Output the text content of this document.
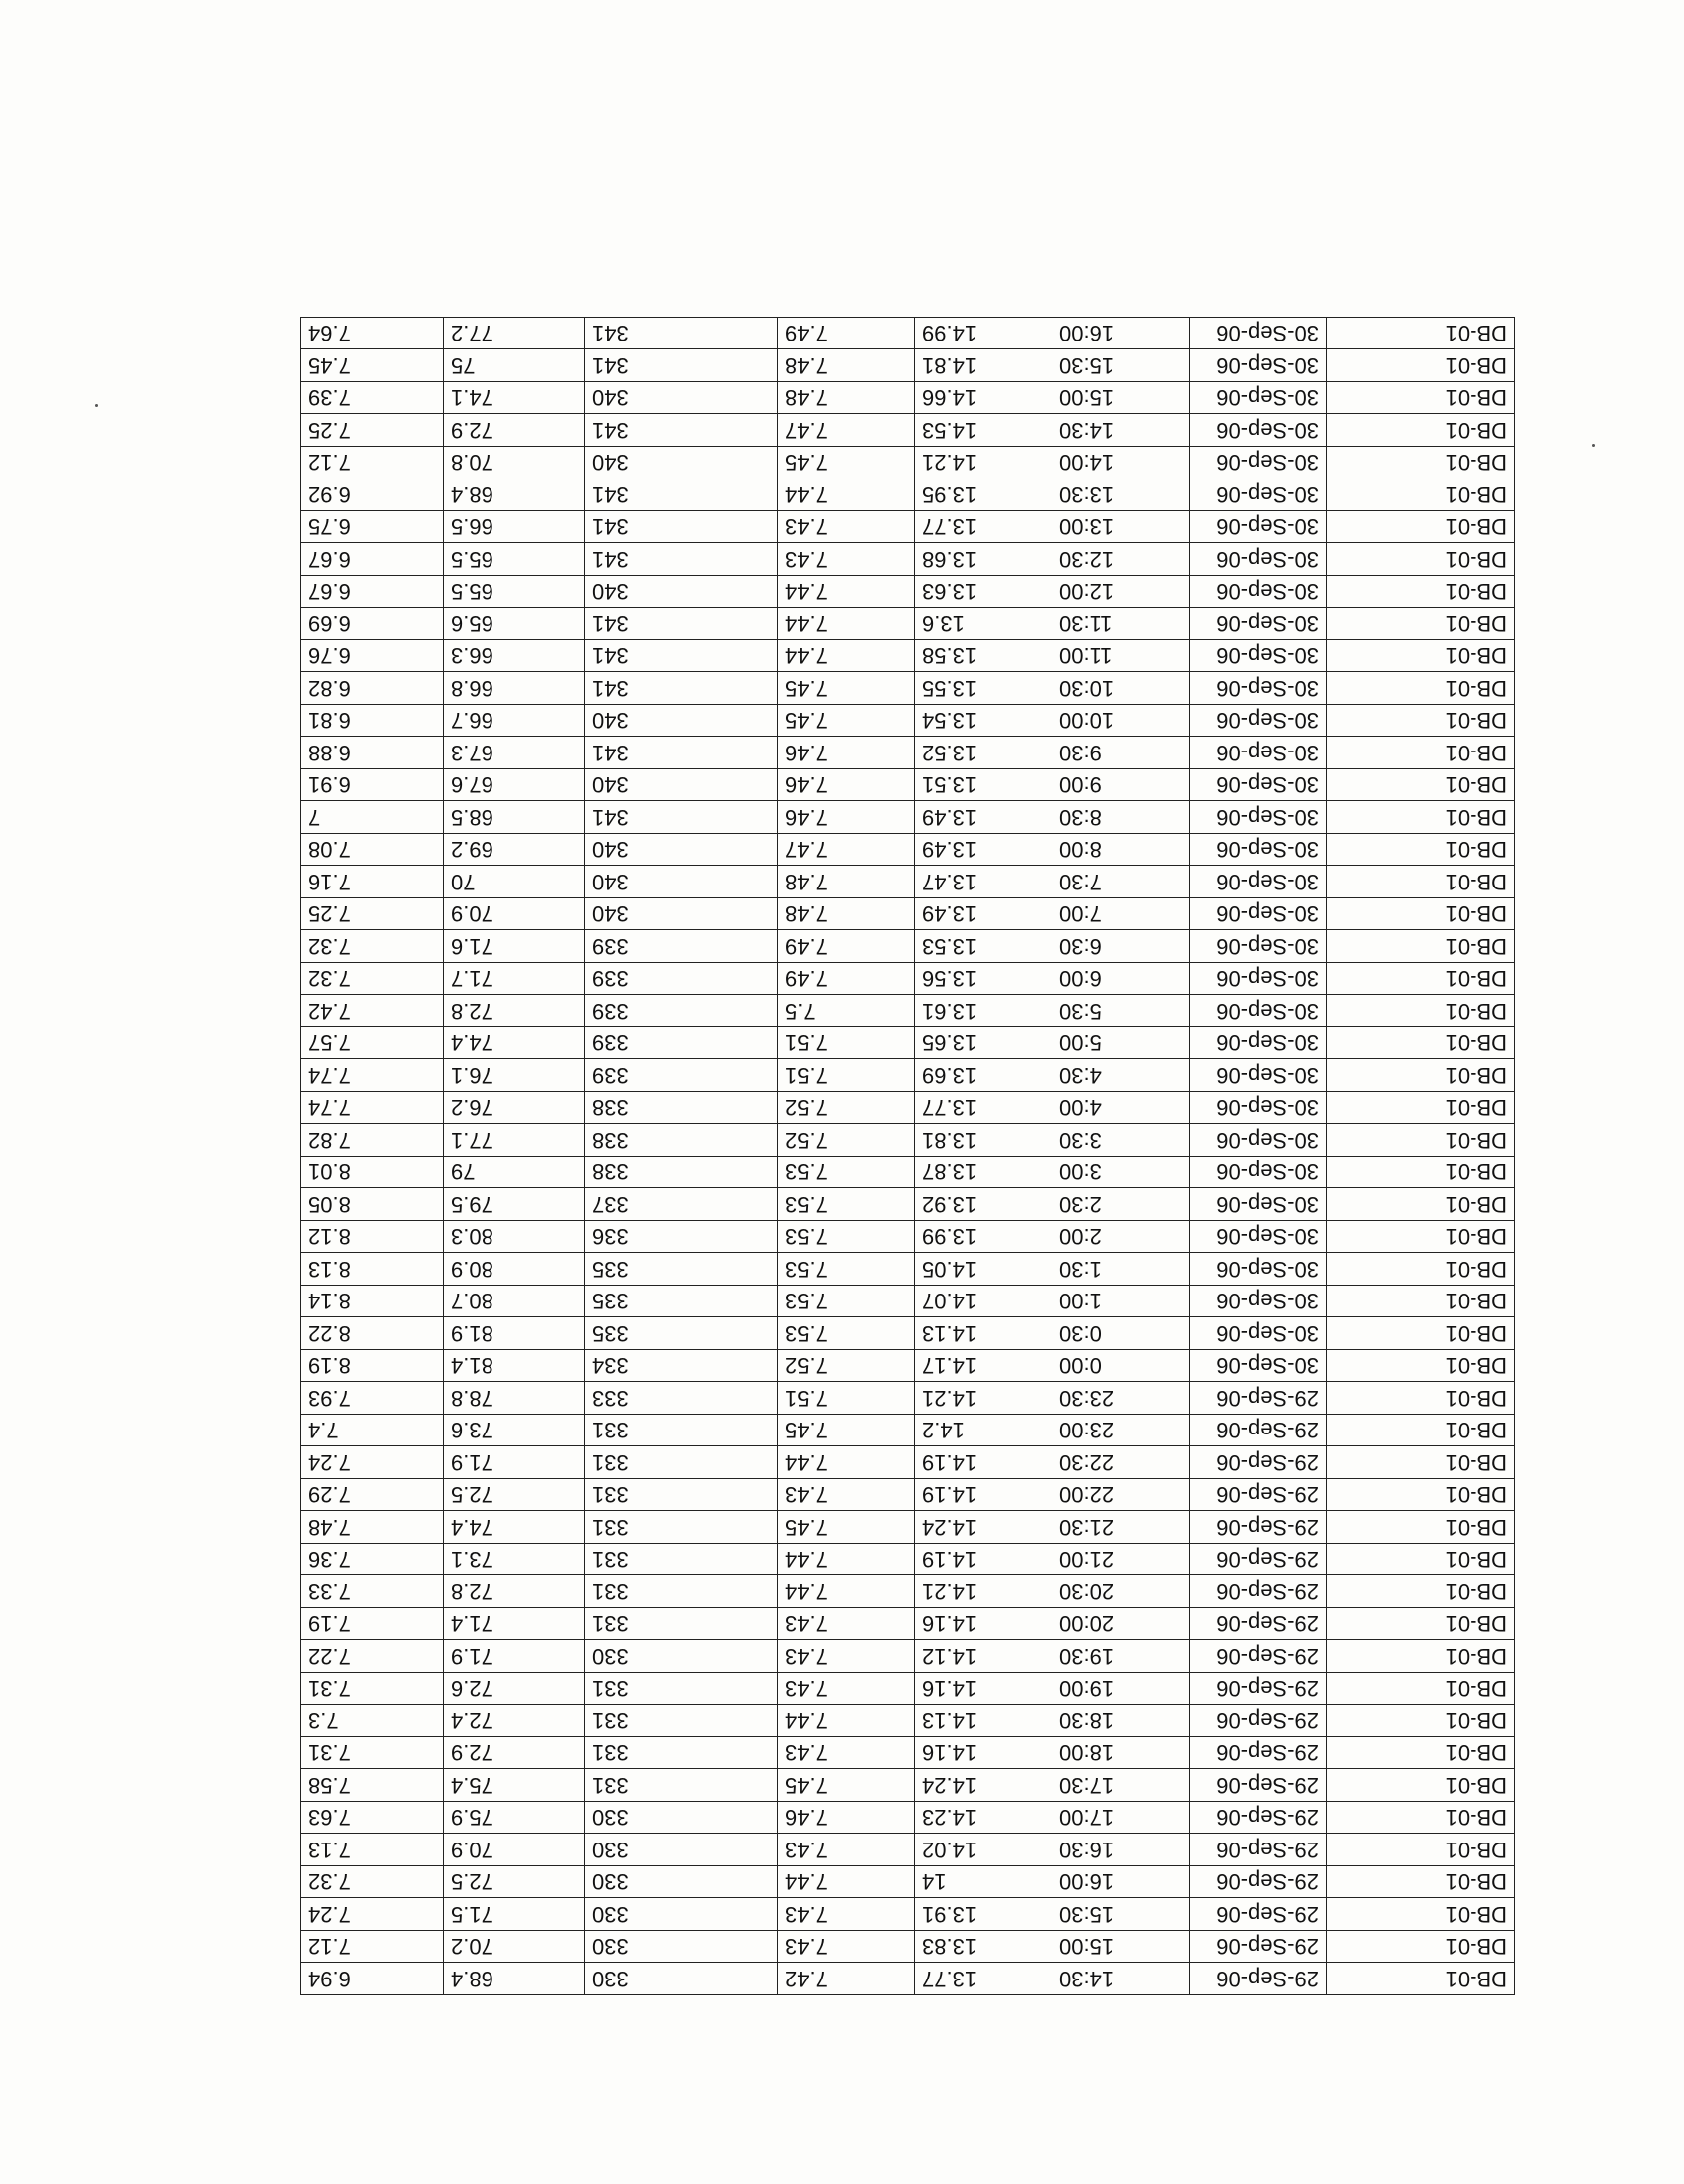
DB-01	29-Sep-06	14:30	13.77	7.42	330	68.4	6.94
DB-01	29-Sep-06	15:00	13.83	7.43	330	70.2	7.12
DB-01	29-Sep-06	15:30	13.91	7.43	330	71.5	7.24
DB-01	29-Sep-06	16:00	14	7.44	330	72.5	7.32
DB-01	29-Sep-06	16:30	14.02	7.43	330	70.9	7.13
DB-01	29-Sep-06	17:00	14.23	7.46	330	75.9	7.63
DB-01	29-Sep-06	17:30	14.24	7.45	331	75.4	7.58
DB-01	29-Sep-06	18:00	14.16	7.43	331	72.9	7.31
DB-01	29-Sep-06	18:30	14.13	7.44	331	72.4	7.3
DB-01	29-Sep-06	19:00	14.16	7.43	331	72.6	7.31
DB-01	29-Sep-06	19:30	14.12	7.43	330	71.9	7.22
DB-01	29-Sep-06	20:00	14.16	7.43	331	71.4	7.19
DB-01	29-Sep-06	20:30	14.21	7.44	331	72.8	7.33
DB-01	29-Sep-06	21:00	14.19	7.44	331	73.1	7.36
DB-01	29-Sep-06	21:30	14.24	7.45	331	74.4	7.48
DB-01	29-Sep-06	22:00	14.19	7.43	331	72.5	7.29
DB-01	29-Sep-06	22:30	14.19	7.44	331	71.9	7.24
DB-01	29-Sep-06	23:00	14.2	7.45	331	73.6	7.4
DB-01	29-Sep-06	23:30	14.21	7.51	333	78.8	7.93
DB-01	30-Sep-06	0:00	14.17	7.52	334	81.4	8.19
DB-01	30-Sep-06	0:30	14.13	7.53	335	81.9	8.22
DB-01	30-Sep-06	1:00	14.07	7.53	335	80.7	8.14
DB-01	30-Sep-06	1:30	14.05	7.53	335	80.9	8.13
DB-01	30-Sep-06	2:00	13.99	7.53	336	80.3	8.12
DB-01	30-Sep-06	2:30	13.92	7.53	337	79.5	8.05
DB-01	30-Sep-06	3:00	13.87	7.53	338	79	8.01
DB-01	30-Sep-06	3:30	13.81	7.52	338	77.1	7.82
DB-01	30-Sep-06	4:00	13.77	7.52	338	76.2	7.74
DB-01	30-Sep-06	4:30	13.69	7.51	339	76.1	7.74
DB-01	30-Sep-06	5:00	13.65	7.51	339	74.4	7.57
DB-01	30-Sep-06	5:30	13.61	7.5	339	72.8	7.42
DB-01	30-Sep-06	6:00	13.56	7.49	339	71.7	7.32
DB-01	30-Sep-06	6:30	13.53	7.49	339	71.6	7.32
DB-01	30-Sep-06	7:00	13.49	7.48	340	70.9	7.25
DB-01	30-Sep-06	7:30	13.47	7.48	340	70	7.16
DB-01	30-Sep-06	8:00	13.49	7.47	340	69.2	7.08
DB-01	30-Sep-06	8:30	13.49	7.46	341	68.5	7
DB-01	30-Sep-06	9:00	13.51	7.46	340	67.6	6.91
DB-01	30-Sep-06	9:30	13.52	7.46	341	67.3	6.88
DB-01	30-Sep-06	10:00	13.54	7.45	340	66.7	6.81
DB-01	30-Sep-06	10:30	13.55	7.45	341	66.8	6.82
DB-01	30-Sep-06	11:00	13.58	7.44	341	66.3	6.76
DB-01	30-Sep-06	11:30	13.6	7.44	341	65.6	6.69
DB-01	30-Sep-06	12:00	13.63	7.44	340	65.5	6.67
DB-01	30-Sep-06	12:30	13.68	7.43	341	65.5	6.67
DB-01	30-Sep-06	13:00	13.77	7.43	341	66.5	6.75
DB-01	30-Sep-06	13:30	13.95	7.44	341	68.4	6.92
DB-01	30-Sep-06	14:00	14.21	7.45	340	70.8	7.12
DB-01	30-Sep-06	14:30	14.53	7.47	341	72.9	7.25
DB-01	30-Sep-06	15:00	14.66	7.48	340	74.1	7.39
DB-01	30-Sep-06	15:30	14.81	7.48	341	75	7.45
DB-01	30-Sep-06	16:00	14.99	7.49	341	77.2	7.64
